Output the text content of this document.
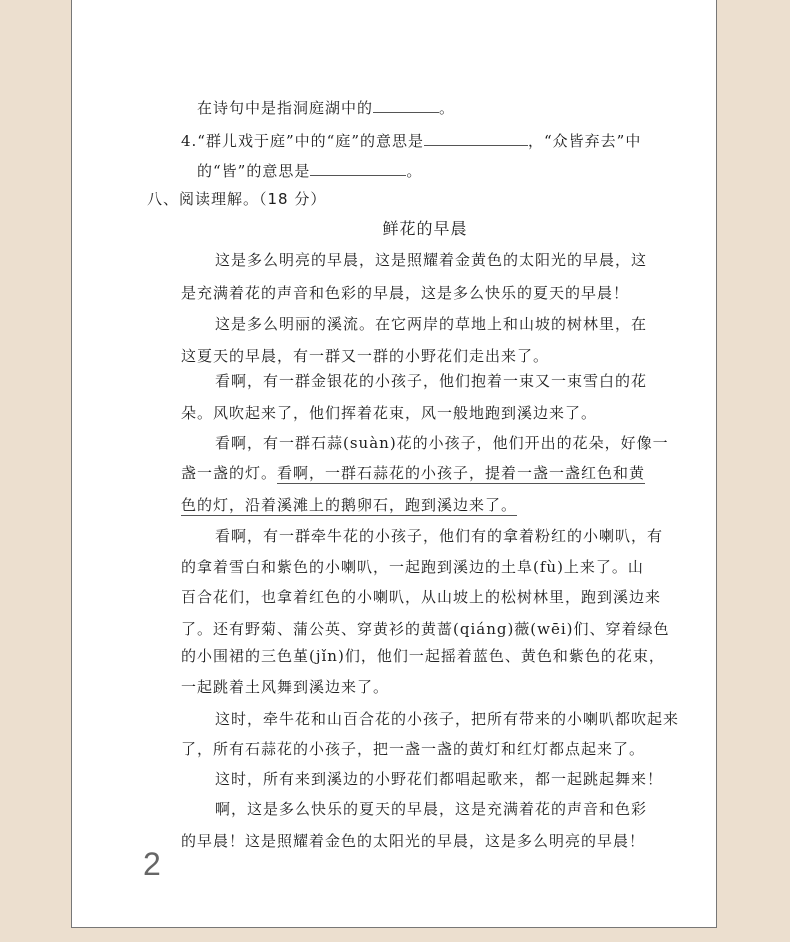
在诗句中是指洞庭湖中的	。
4.“群儿戏于庭”中的“庭”的意思是	，“众皆弃去”中
的“皆”的意思是	。
八、阅读理解。（18 分）
鲜花的早晨
这是多么明亮的早晨，这是照耀着金黄色的太阳光的早晨，这
是充满着花的声音和色彩的早晨，这是多么快乐的夏天的早晨！
这是多么明丽的溪流。在它两岸的草地上和山坡的树林里，在
这夏天的早晨，有一群又一群的小野花们走出来了。
看啊，有一群金银花的小孩子，他们抱着一束又一束雪白的花
朵。风吹起来了，他们挥着花束，风一般地跑到溪边来了。
看啊，有一群石蒜(suàn)花的小孩子，他们开出的花朵，好像一
盏一盏的灯。看啊，一群石蒜花的小孩子，提着一盏一盏红色和黄
色的灯，沿着溪滩上的鹅卵石，跑到溪边来了。
看啊，有一群牵牛花的小孩子，他们有的拿着粉红的小喇叭，有
的拿着雪白和紫色的小喇叭，一起跑到溪边的土阜(fù)上来了。山
百合花们，也拿着红色的小喇叭，从山坡上的松树林里，跑到溪边来
了。还有野菊、蒲公英、穿黄衫的黄蔷(qiáng)薇(wēi)们、穿着绿色
的小围裙的三色堇(jǐn)们，他们一起摇着蓝色、黄色和紫色的花束，
一起跳着土风舞到溪边来了。
这时，牵牛花和山百合花的小孩子，把所有带来的小喇叭都吹起来
了，所有石蒜花的小孩子，把一盏一盏的黄灯和红灯都点起来了。
这时，所有来到溪边的小野花们都唱起歌来，都一起跳起舞来！
啊，这是多么快乐的夏天的早晨，这是充满着花的声音和色彩
的早晨！这是照耀着金色的太阳光的早晨，这是多么明亮的早晨！
2
